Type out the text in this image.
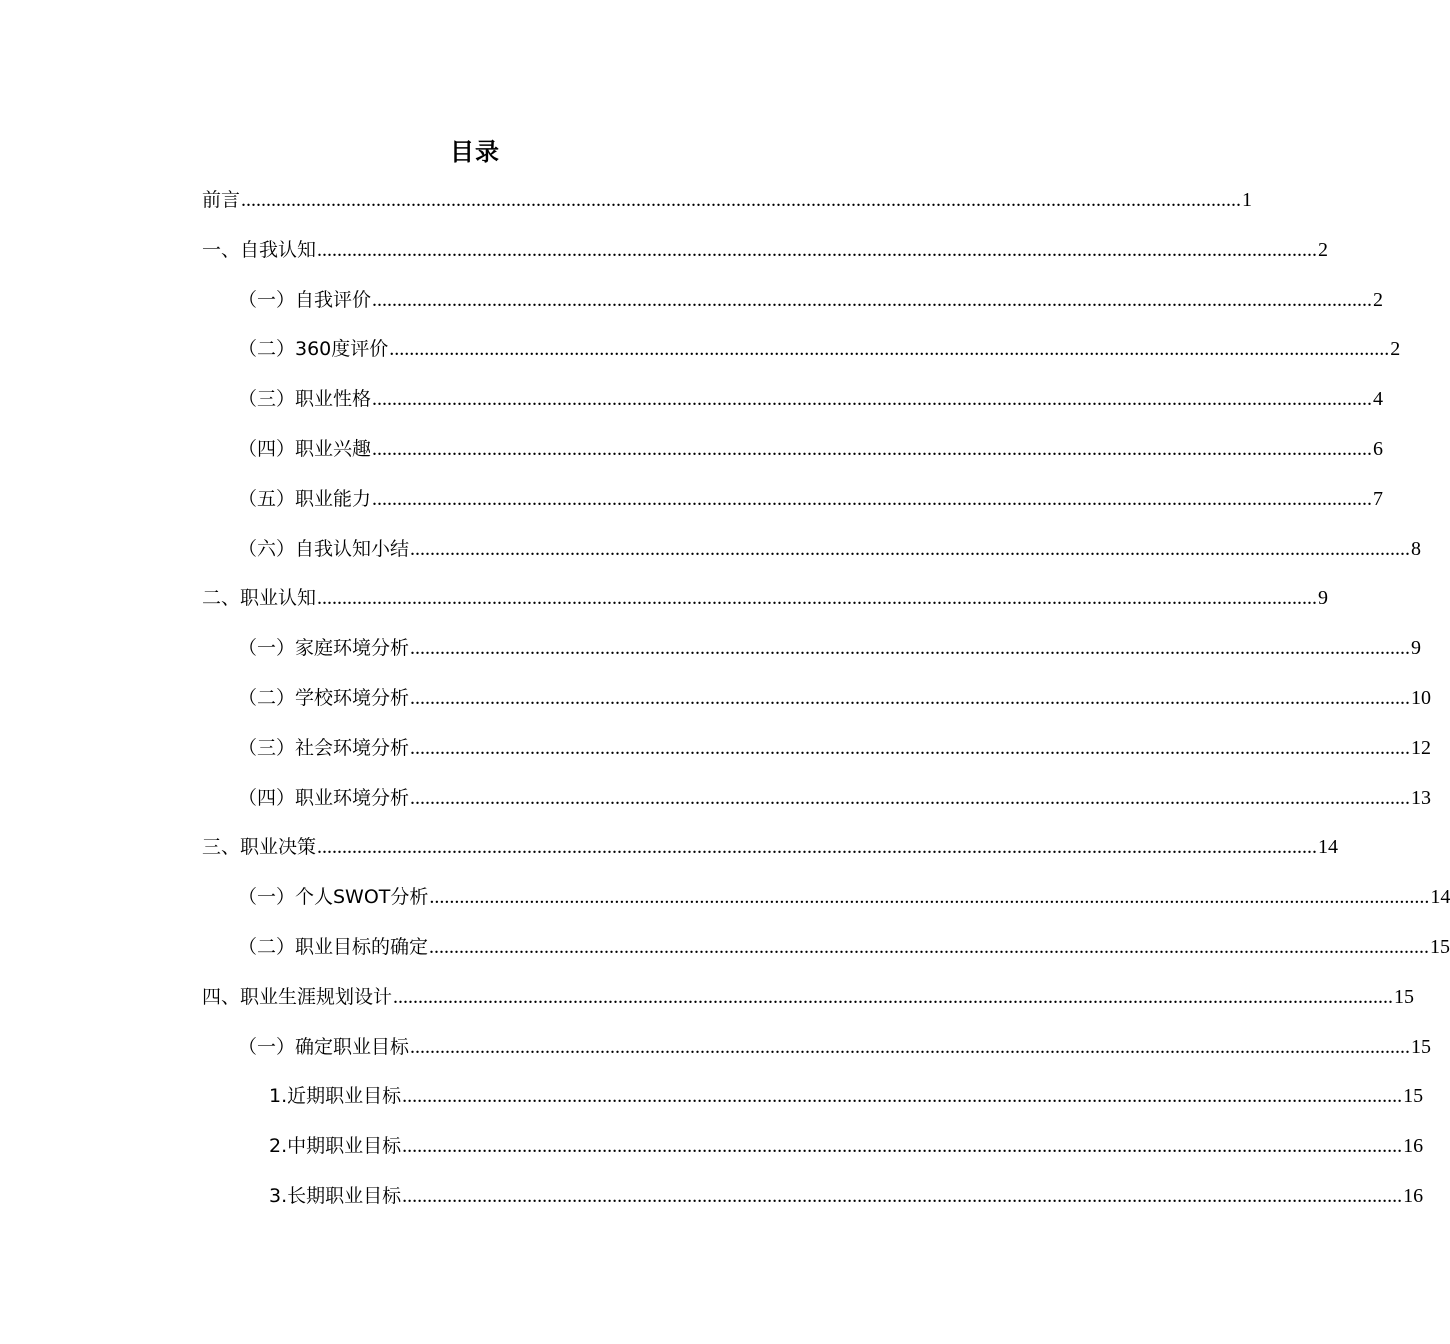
目录
前言 ........................................................................................................................................................................................................ 1
一、自我认知 ........................................................................................................................................................................................................ 2
（一）自我评价 ........................................................................................................................................................................................................ 2
（二）360度评价 ........................................................................................................................................................................................................ 2
（三）职业性格 ........................................................................................................................................................................................................ 4
（四）职业兴趣 ........................................................................................................................................................................................................ 6
（五）职业能力 ........................................................................................................................................................................................................ 7
（六）自我认知小结 ........................................................................................................................................................................................................ 8
二、职业认知 ........................................................................................................................................................................................................ 9
（一）家庭环境分析 ........................................................................................................................................................................................................ 9
（二）学校环境分析 ........................................................................................................................................................................................................ 10
（三）社会环境分析 ........................................................................................................................................................................................................ 12
（四）职业环境分析 ........................................................................................................................................................................................................ 13
三、职业决策 ........................................................................................................................................................................................................ 14
（一）个人SWOT分析 ........................................................................................................................................................................................................ 14
（二）职业目标的确定 ........................................................................................................................................................................................................ 15
四、职业生涯规划设计 ........................................................................................................................................................................................................ 15
（一）确定职业目标 ........................................................................................................................................................................................................ 15
1.近期职业目标 ........................................................................................................................................................................................................ 15
2.中期职业目标 ........................................................................................................................................................................................................ 16
3.长期职业目标 ........................................................................................................................................................................................................ 16
